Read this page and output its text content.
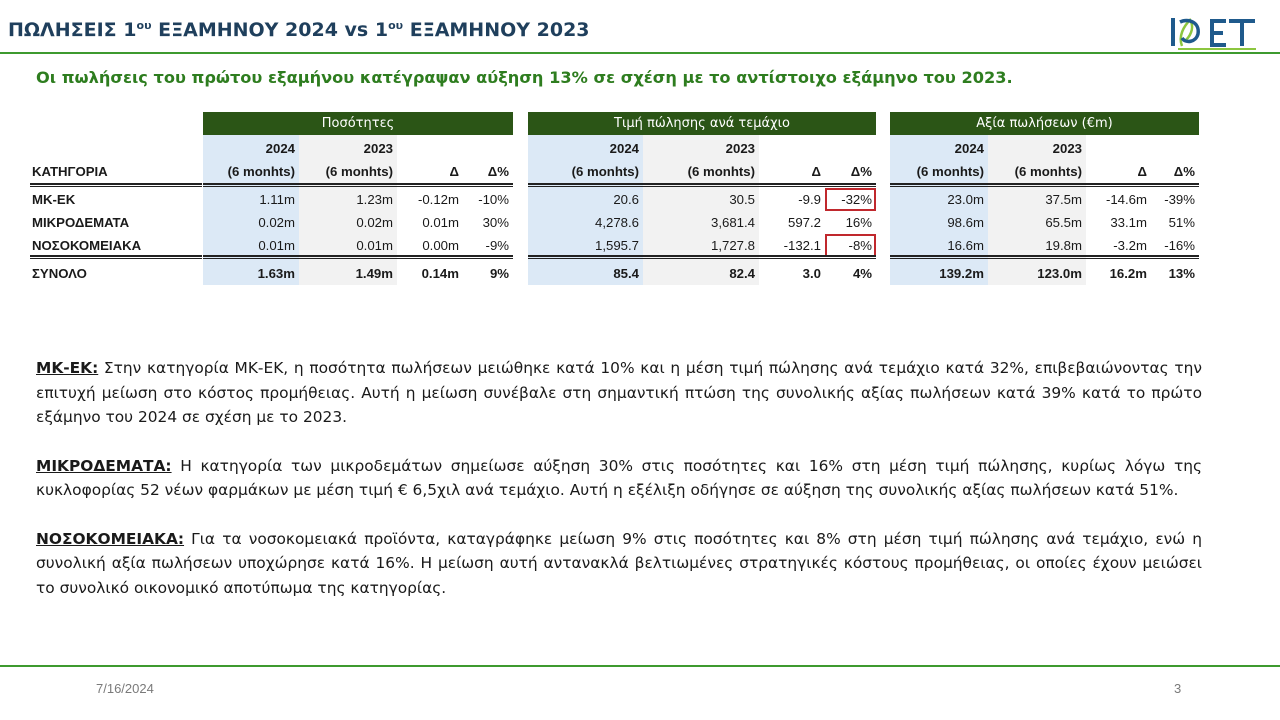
ΠΩΛΗΣΕΙΣ $1^{o\upsilon}$ ΕΞΑΜΗΝΟΥ 2024 vs $1^{o\upsilon}$ ΕΞΑΜΗΝΟΥ 2023
Οι πωλήσεις του πρώτου εξαμήνου κατέγραψαν αύξηση 13% σε σχέση με το αντίστοιχο εξάμηνο του 2023.
ΚΑΤΗΓΟΡΙΑ
ΜΚ-ΕΚ
ΜΙΚΡΟΔΕΜΑΤΑ
ΝΟΣΟΚΟΜΕΙΑΚΑ
ΣΥΝΟΛΟ
Ποσότητες
2024
(6 monhts)
1.11m
0.02m
0.01m
1.63m
2023
(6 monhts)
1.23m
0.02m
0.01m
1.49m
Δ
-0.12m
0.01m
0.00m
0.14m
Δ%
-10%
30%
-9%
9%
Τιμή πώλησης ανά τεμάχιο
2024
(6 monhts)
20.6
4,278.6
1,595.7
85.4
2023
(6 monhts)
30.5
3,681.4
1,727.8
82.4
Δ
-9.9
597.2
-132.1
3.0
Δ%
-32%
16%
-8%
4%
Αξία πωλήσεων (€m)
2024
(6 monhts)
23.0m
98.6m
16.6m
139.2m
2023
(6 monhts)
37.5m
65.5m
19.8m
123.0m
Δ
-14.6m
33.1m
-3.2m
16.2m
Δ%
-39%
51%
-16%
13%

ΜΚ-ΕΚ: Στην κατηγορία ΜΚ-ΕΚ, η ποσότητα πωλήσεων μειώθηκε κατά 10% και η μέση τιμή πώλησης ανά τεμάχιο κατά 32%, επιβεβαιώνοντας την επιτυχή μείωση στο κόστος προμήθειας. Αυτή η μείωση συνέβαλε στη σημαντική πτώση της συνολικής αξίας πωλήσεων κατά 39% κατά το πρώτο εξάμηνο του 2024 σε σχέση με το 2023.

ΜΙΚΡΟΔΕΜΑΤΑ: Η κατηγορία των μικροδεμάτων σημείωσε αύξηση 30% στις ποσότητες και 16% στη μέση τιμή πώλησης, κυρίως λόγω της κυκλοφορίας 52 νέων φαρμάκων με μέση τιμή € 6,5χιλ ανά τεμάχιο. Αυτή η εξέλιξη οδήγησε σε αύξηση της συνολικής αξίας πωλήσεων κατά 51%.

ΝΟΣΟΚΟΜΕΙΑΚΑ: Για τα νοσοκομειακά προϊόντα, καταγράφηκε μείωση 9% στις ποσότητες και 8% στη μέση τιμή πώλησης ανά τεμάχιο, ενώ η συνολική αξία πωλήσεων υποχώρησε κατά 16%. Η μείωση αυτή αντανακλά βελτιωμένες στρατηγικές κόστους προμήθειας, οι οποίες έχουν μειώσει το συνολικό οικονομικό αποτύπωμα της κατηγορίας.

7/16/2024	3
